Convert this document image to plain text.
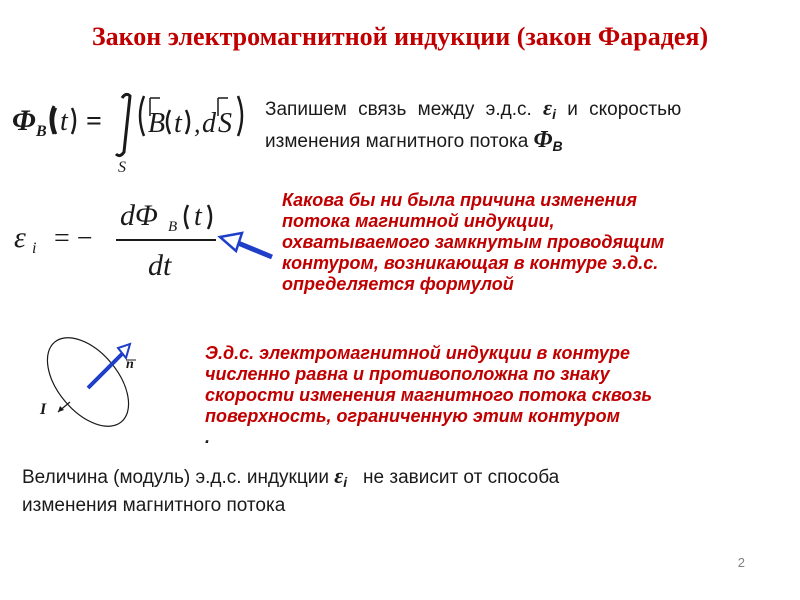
Закон электромагнитной индукции (закон Фарадея)
Φ B t =
S
B t , d S Запишем связь между э.д.с. $\varepsilon_i$ и скоростью
изменения магнитного потока $\Phi_B$
ε i = −
dΦ B t
dt
Какова бы ни была причина изменения
потока магнитной индукции,
охватываемого замкнутым проводящим
контуром, возникающая в контуре э.д.с.
определяется формулой
n
I
Э.д.с. электромагнитной индукции в контуре
численно равна и противоположна по знаку
скорости изменения магнитного потока сквозь
поверхность, ограниченную этим контуром
.
Величина (модуль) э.д.с. индукции $\varepsilon_i$ не зависит от способа
изменения магнитного потока
2
